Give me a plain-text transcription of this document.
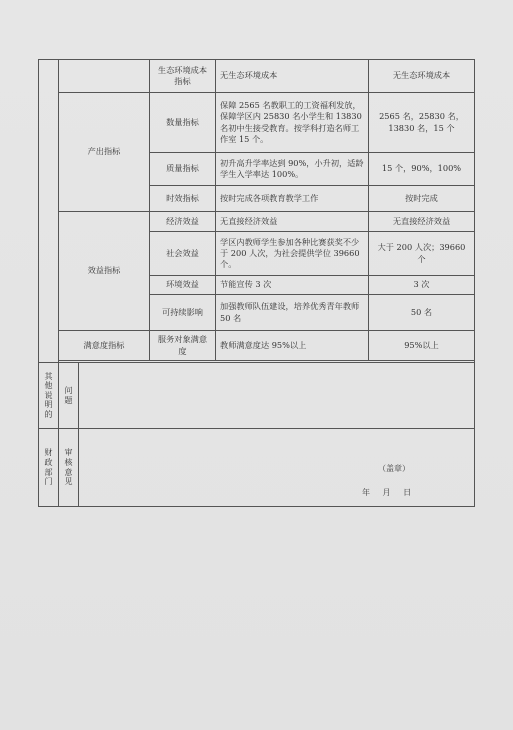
			生态环境成本指标	无生态环境成本	无生态环境成本
	产出指标		数量指标	保障 2565 名教职工的工资福利发放，保障学区内 25830 名小学生和 13830 名初中生接受教育。按学科打造名师工作室 15 个。	2565 名，25830 名，13830 名，15 个
			质量指标	初升高升学率达到 90%，小升初，适龄学生入学率达 100%。	15 个，90%，100%
			时效指标	按时完成各项教育教学工作	按时完成
	效益指标		经济效益	无直接经济效益	无直接经济效益
			社会效益	学区内教师学生参加各种比赛获奖不少于 200 人次，为社会提供学位 39660 个。	大于 200 人次；39660 个
			环境效益	节能宣传 3 次	3 次
			可持续影响	加强教师队伍建设，培养优秀青年教师 50 名	50 名
	满意度指标		服务对象满意度	教师满意度达 95%以上	95%以上

其他说明的	问题				
财政部门	审核意见	（盖章）
年 月 日			
